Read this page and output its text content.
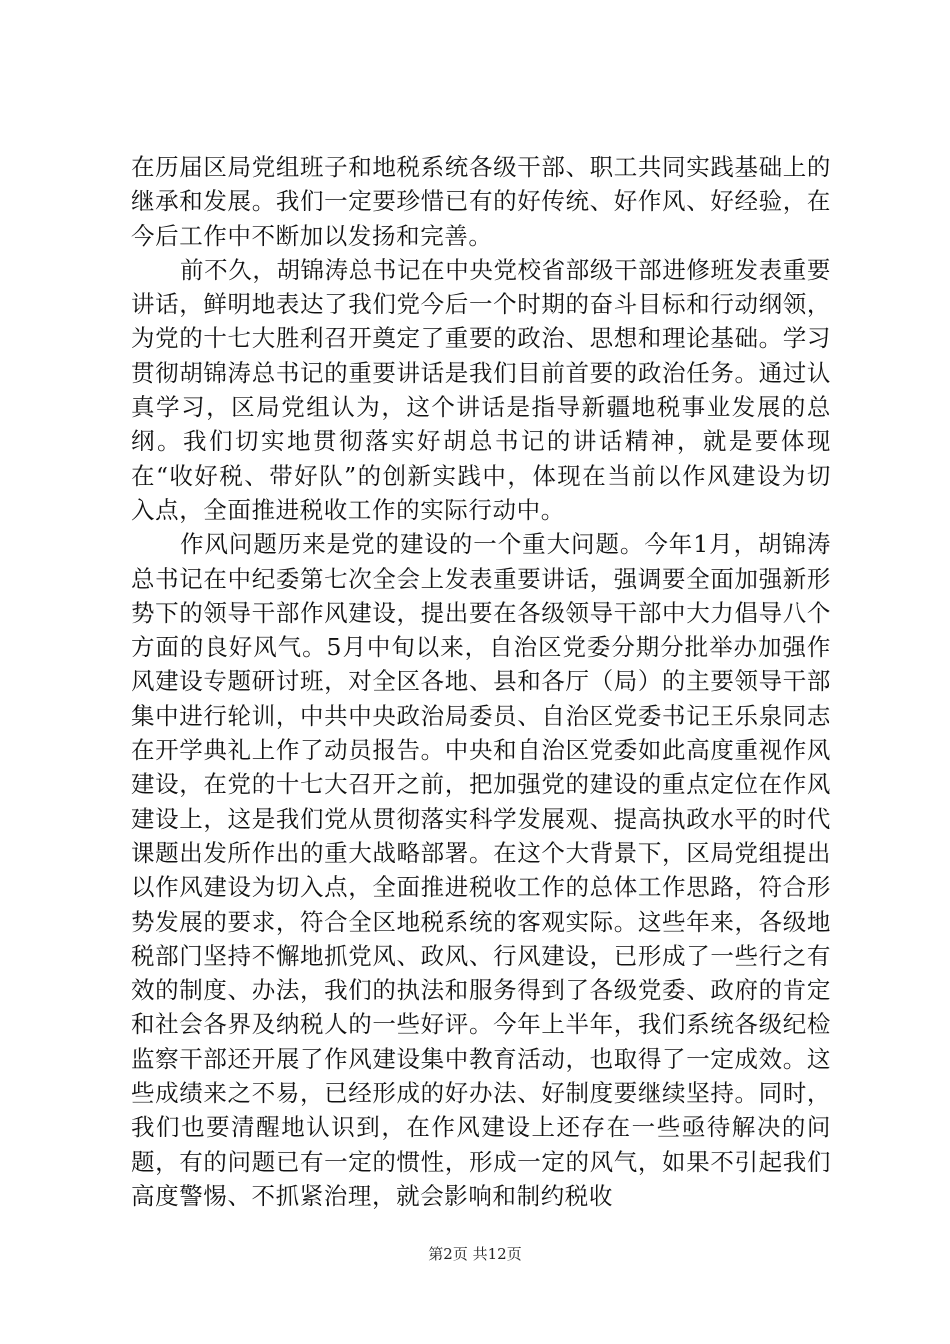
在历届区局党组班子和地税系统各级干部、职工共同实践基础上的继承和发展。我们一定要珍惜已有的好传统、好作风、好经验，在今后工作中不断加以发扬和完善。

前不久，胡锦涛总书记在中央党校省部级干部进修班发表重要讲话，鲜明地表达了我们党今后一个时期的奋斗目标和行动纲领，为党的十七大胜利召开奠定了重要的政治、思想和理论基础。学习贯彻胡锦涛总书记的重要讲话是我们目前首要的政治任务。通过认真学习，区局党组认为，这个讲话是指导新疆地税事业发展的总纲。我们切实地贯彻落实好胡总书记的讲话精神，就是要体现在“收好税、带好队”的创新实践中，体现在当前以作风建设为切入点，全面推进税收工作的实际行动中。

作风问题历来是党的建设的一个重大问题。今年1月，胡锦涛总书记在中纪委第七次全会上发表重要讲话，强调要全面加强新形势下的领导干部作风建设，提出要在各级领导干部中大力倡导八个方面的良好风气。5月中旬以来，自治区党委分期分批举办加强作风建设专题研讨班，对全区各地、县和各厅（局）的主要领导干部集中进行轮训，中共中央政治局委员、自治区党委书记王乐泉同志在开学典礼上作了动员报告。中央和自治区党委如此高度重视作风建设，在党的十七大召开之前，把加强党的建设的重点定位在作风建设上，这是我们党从贯彻落实科学发展观、提高执政水平的时代课题出发所作出的重大战略部署。在这个大背景下，区局党组提出以作风建设为切入点，全面推进税收工作的总体工作思路，符合形势发展的要求，符合全区地税系统的客观实际。这些年来，各级地税部门坚持不懈地抓党风、政风、行风建设，已形成了一些行之有效的制度、办法，我们的执法和服务得到了各级党委、政府的肯定和社会各界及纳税人的一些好评。今年上半年，我们系统各级纪检监察干部还开展了作风建设集中教育活动，也取得了一定成效。这些成绩来之不易，已经形成的好办法、好制度要继续坚持。同时，我们也要清醒地认识到，在作风建设上还存在一些亟待解决的问题，有的问题已有一定的惯性，形成一定的风气，如果不引起我们高度警惕、不抓紧治理，就会影响和制约税收

第2页 共12页
